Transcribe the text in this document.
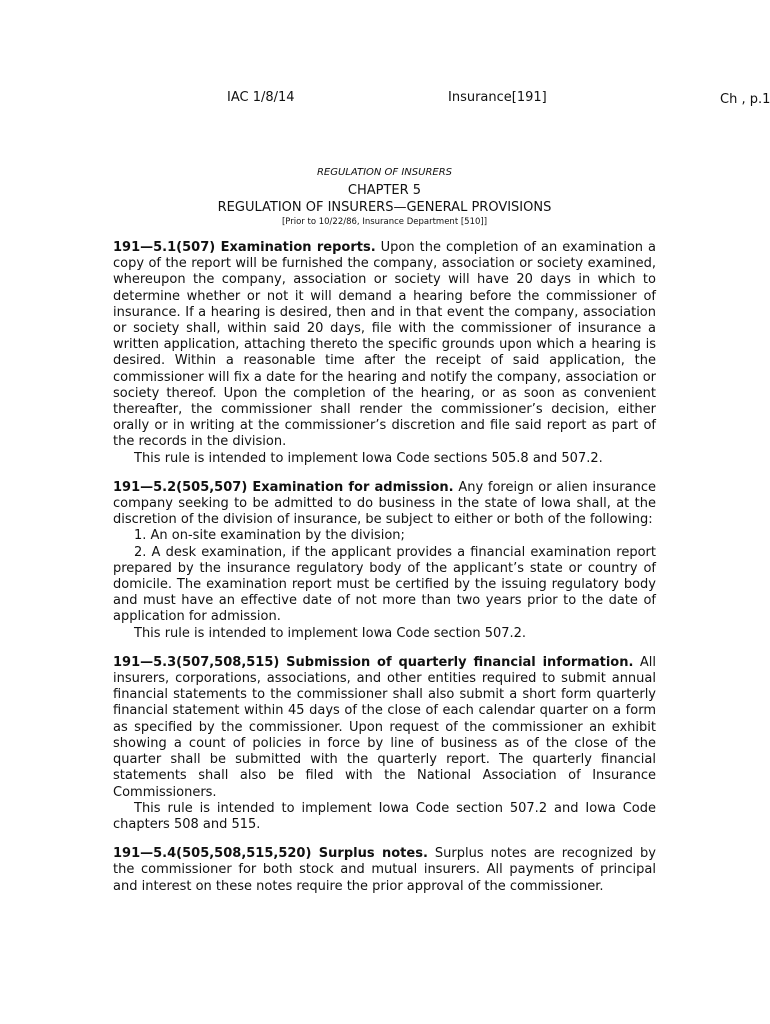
IAC 1/8/14	Insurance[191]	Ch , p.1
REGULATION OF INSURERS
CHAPTER 5
REGULATION OF INSURERS—GENERAL PROVISIONS
[Prior to 10/22/86, Insurance Department [510]]

191—5.1(507) Examination reports. Upon the completion of an examination a copy of the report will be furnished the company, association or society examined, whereupon the company, association or society will have 20 days in which to determine whether or not it will demand a hearing before the commissioner of insurance. If a hearing is desired, then and in that event the company, association or society shall, within said 20 days, file with the commissioner of insurance a written application, attaching thereto the specific grounds upon which a hearing is desired. Within a reasonable time after the receipt of said application, the commissioner will fix a date for the hearing and notify the company, association or society thereof. Upon the completion of the hearing, or as soon as convenient thereafter, the commissioner shall render the commissioner’s decision, either orally or in writing at the commissioner’s discretion and file said report as part of the records in the division.

This rule is intended to implement Iowa Code sections 505.8 and 507.2.

191—5.2(505,507) Examination for admission. Any foreign or alien insurance company seeking to be admitted to do business in the state of Iowa shall, at the discretion of the division of insurance, be subject to either or both of the following:

1. An on-site examination by the division;

2. A desk examination, if the applicant provides a financial examination report prepared by the insurance regulatory body of the applicant’s state or country of domicile. The examination report must be certified by the issuing regulatory body and must have an effective date of not more than two years prior to the date of application for admission.

This rule is intended to implement Iowa Code section 507.2.

191—5.3(507,508,515) Submission of quarterly financial information. All insurers, corporations, associations, and other entities required to submit annual financial statements to the commissioner shall also submit a short form quarterly financial statement within 45 days of the close of each calendar quarter on a form as specified by the commissioner. Upon request of the commissioner an exhibit showing a count of policies in force by line of business as of the close of the quarter shall be submitted with the quarterly report. The quarterly financial statements shall also be filed with the National Association of Insurance Commissioners.

This rule is intended to implement Iowa Code section 507.2 and Iowa Code chapters 508 and 515.

191—5.4(505,508,515,520) Surplus notes. Surplus notes are recognized by the commissioner for both stock and mutual insurers. All payments of principal and interest on these notes require the prior approval of the commissioner.
